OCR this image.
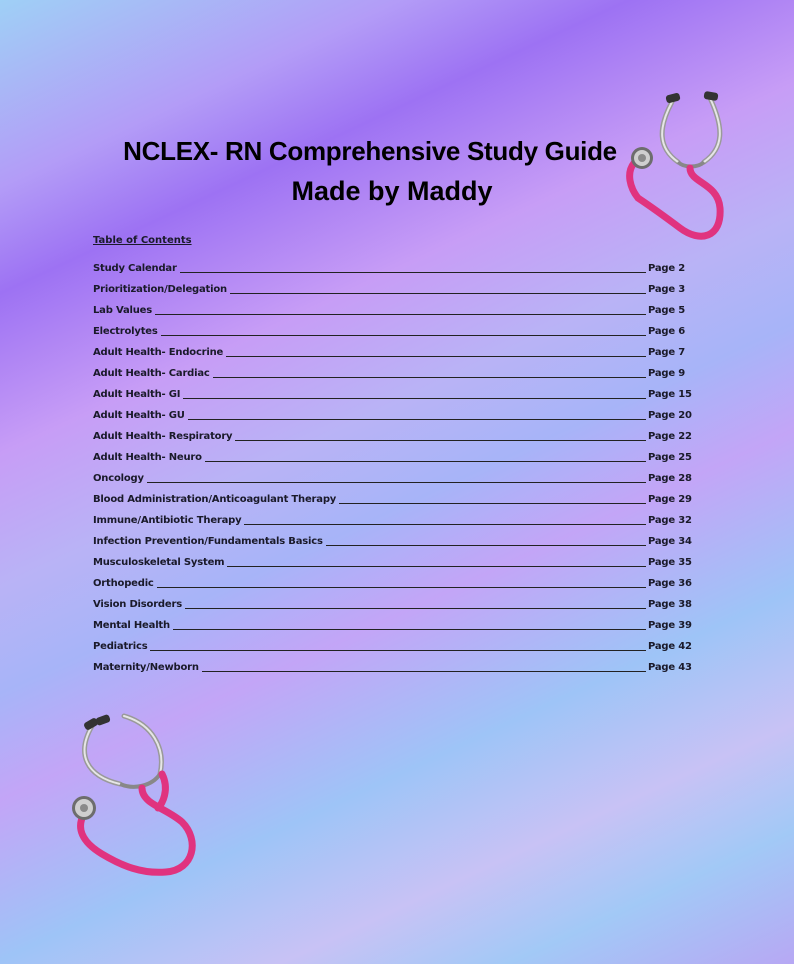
NCLEX- RN Comprehensive Study Guide
Made by Maddy
Table of Contents
Study Calendar	Page 2
Prioritization/Delegation	Page 3
Lab Values	Page 5
Electrolytes	Page 6
Adult Health- Endocrine	Page 7
Adult Health- Cardiac	Page 9
Adult Health- GI	Page 15
Adult Health- GU	Page 20
Adult Health- Respiratory	Page 22
Adult Health- Neuro	Page 25
Oncology	Page 28
Blood Administration/Anticoagulant Therapy	Page 29
Immune/Antibiotic Therapy	Page 32
Infection Prevention/Fundamentals Basics	Page 34
Musculoskeletal System	Page 35
Orthopedic	Page 36
Vision Disorders	Page 38
Mental Health	Page 39
Pediatrics	Page 42
Maternity/Newborn	Page 43
